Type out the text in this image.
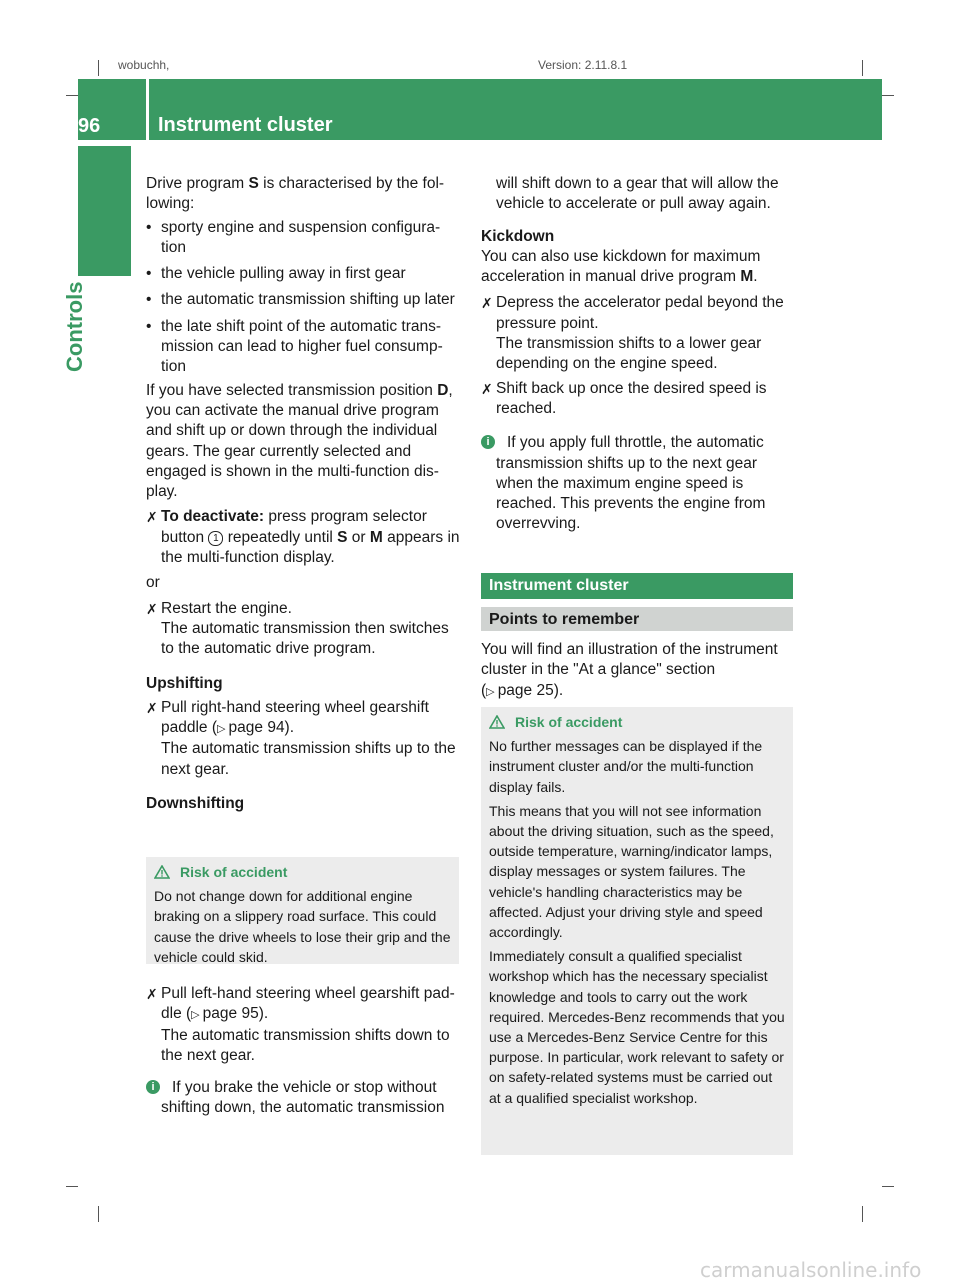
wobuchh,	Version: 2.11.8.1
96	Instrument cluster
Controls

Drive program S is characterised by the fol-lowing:

• sporty engine and suspension configura-tion

• the vehicle pulling away in first gear

• the automatic transmission shifting up later

• the late shift point of the automatic trans-mission can lead to higher fuel consump-tion

If you have selected transmission position D, you can activate the manual drive program and shift up or down through the individual gears. The gear currently selected and engaged is shown in the multi-function dis-play.

✗ To deactivate: press program selector button 1 repeatedly until S or M appears in the multi-function display.

or

✗ Restart the engine.
The automatic transmission then switches to the automatic drive program.

Upshifting

✗ Pull right-hand steering wheel gearshift paddle (▷ page 94).
The automatic transmission shifts up to the next gear.

Downshifting

Risk of accident

Do not change down for additional engine braking on a slippery road surface. This could cause the drive wheels to lose their grip and the vehicle could skid.

✗ Pull left-hand steering wheel gearshift pad-dle (▷ page 95).
The automatic transmission shifts down to the next gear.

i	If you brake the vehicle or stop without shifting down, the automatic transmission

will shift down to a gear that will allow the vehicle to accelerate or pull away again.

Kickdown

You can also use kickdown for maximum acceleration in manual drive program M.

✗ Depress the accelerator pedal beyond the pressure point.
The transmission shifts to a lower gear depending on the engine speed.

✗ Shift back up once the desired speed is reached.

i	If you apply full throttle, the automatic transmission shifts up to the next gear when the maximum engine speed is reached. This prevents the engine from overrevving.

Instrument cluster
Points to remember

You will find an illustration of the instrument cluster in the "At a glance" section
(▷ page 25).

Risk of accident

No further messages can be displayed if the instrument cluster and/or the multi-function display fails.

This means that you will not see information about the driving situation, such as the speed, outside temperature, warning/indicator lamps, display messages or system failures. The vehicle's handling characteristics may be affected. Adjust your driving style and speed accordingly.

Immediately consult a qualified specialist workshop which has the necessary specialist knowledge and tools to carry out the work required. Mercedes-Benz recommends that you use a Mercedes-Benz Service Centre for this purpose. In particular, work relevant to safety or on safety-related systems must be carried out at a qualified specialist workshop.

carmanualsonline.info
